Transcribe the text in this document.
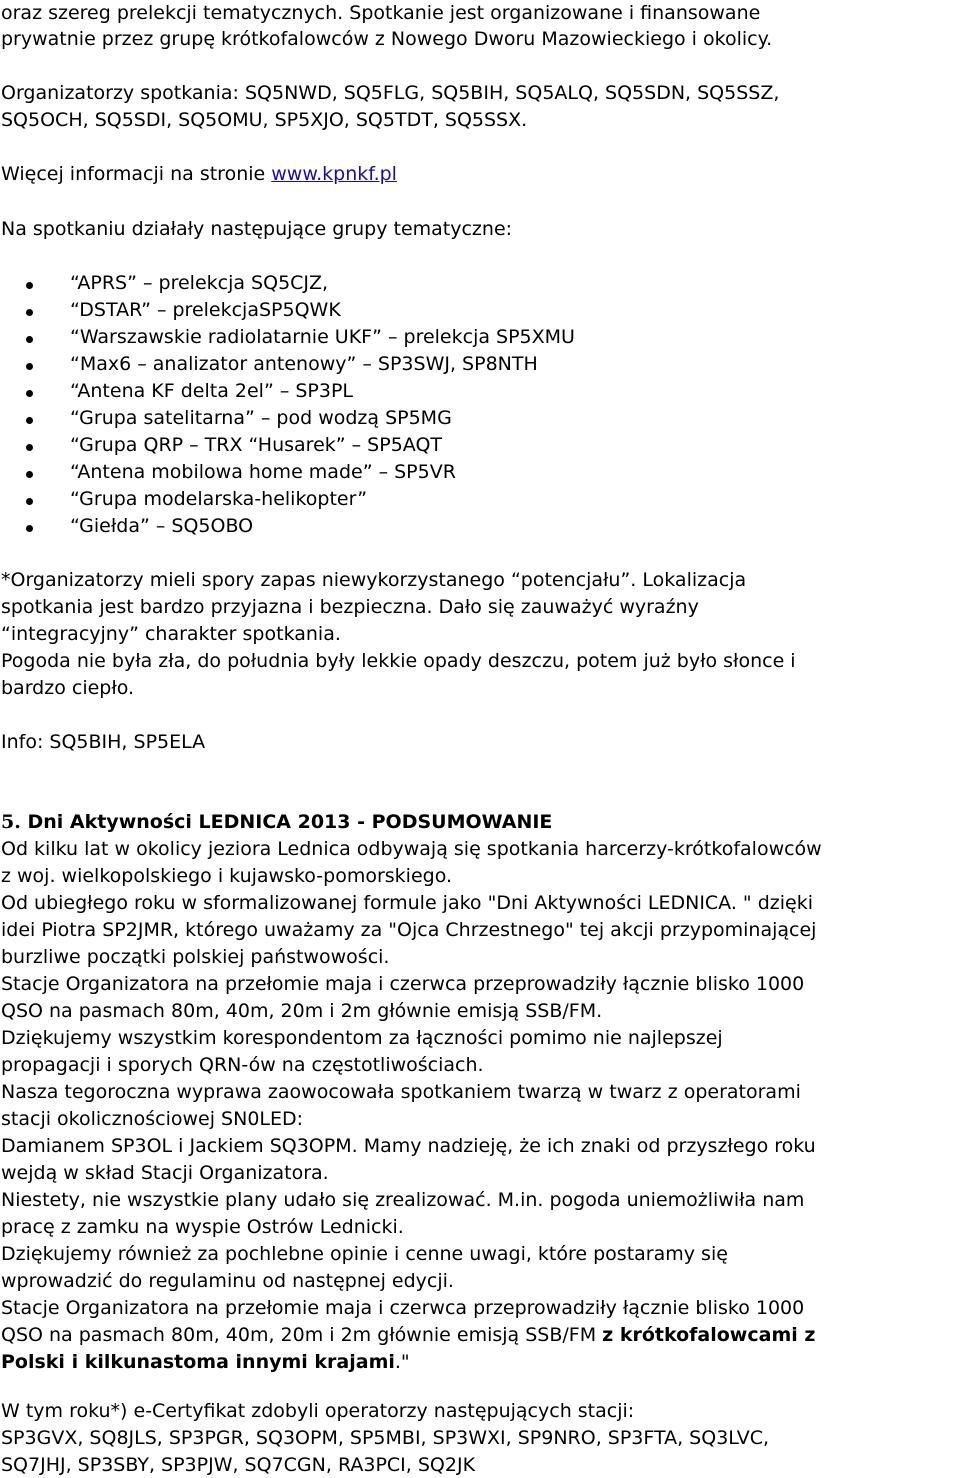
oraz szereg prelekcji tematycznych. Spotkanie jest organizowane i finansowane
prywatnie przez grupę krótkofalowców z Nowego Dworu Mazowieckiego i okolicy.
Organizatorzy spotkania: SQ5NWD, SQ5FLG, SQ5BIH, SQ5ALQ, SQ5SDN, SQ5SSZ,
SQ5OCH, SQ5SDI, SQ5OMU, SP5XJO, SQ5TDT, SQ5SSX.
Więcej informacji na stronie www.kpnkf.pl
Na spotkaniu działały następujące grupy tematyczne:
“APRS” – prelekcja SQ5CJZ,
“DSTAR” – prelekcjaSP5QWK
“Warszawskie radiolatarnie UKF” – prelekcja SP5XMU
“Max6 – analizator antenowy” – SP3SWJ, SP8NTH
“Antena KF delta 2el” – SP3PL
“Grupa satelitarna” – pod wodzą SP5MG
“Grupa QRP – TRX “Husarek” – SP5AQT
“Antena mobilowa home made” – SP5VR
“Grupa modelarska-helikopter”
“Giełda” – SQ5OBO
*Organizatorzy mieli spory zapas niewykorzystanego “potencjału”. Lokalizacja
spotkania jest bardzo przyjazna i bezpieczna. Dało się zauważyć wyraźny
“integracyjny” charakter spotkania.
Pogoda nie była zła, do południa były lekkie opady deszczu, potem już było słonce i
bardzo ciepło.
Info: SQ5BIH, SP5ELA
5. Dni Aktywności LEDNICA 2013 - PODSUMOWANIE
Od kilku lat w okolicy jeziora Lednica odbywają się spotkania harcerzy-krótkofalowców
z woj. wielkopolskiego i kujawsko-pomorskiego.
Od ubiegłego roku w sformalizowanej formule jako "Dni Aktywności LEDNICA. " dzięki
idei Piotra SP2JMR, którego uważamy za "Ojca Chrzestnego" tej akcji przypominającej
burzliwe początki polskiej państwowości.
Stacje Organizatora na przełomie maja i czerwca przeprowadziły łącznie blisko 1000
QSO na pasmach 80m, 40m, 20m i 2m głównie emisją SSB/FM.
Dziękujemy wszystkim korespondentom za łączności pomimo nie najlepszej
propagacji i sporych QRN-ów na częstotliwościach.
Nasza tegoroczna wyprawa zaowocowała spotkaniem twarzą w twarz z operatorami
stacji okolicznościowej SN0LED:
Damianem SP3OL i Jackiem SQ3OPM. Mamy nadzieję, że ich znaki od przyszłego roku
wejdą w skład Stacji Organizatora.
Niestety, nie wszystkie plany udało się zrealizować. M.in. pogoda uniemożliwiła nam
pracę z zamku na wyspie Ostrów Lednicki.
Dziękujemy również za pochlebne opinie i cenne uwagi, które postaramy się
wprowadzić do regulaminu od następnej edycji.
Stacje Organizatora na przełomie maja i czerwca przeprowadziły łącznie blisko 1000
QSO na pasmach 80m, 40m, 20m i 2m głównie emisją SSB/FM z krótkofalowcami z
Polski i kilkunastoma innymi krajami."
W tym roku*) e-Certyfikat zdobyli operatorzy następujących stacji:
SP3GVX, SQ8JLS, SP3PGR, SQ3OPM, SP5MBI, SP3WXI, SP9NRO, SP3FTA, SQ3LVC,
SQ7JHJ, SP3SBY, SP3PJW, SQ7CGN, RA3PCI, SQ2JK
